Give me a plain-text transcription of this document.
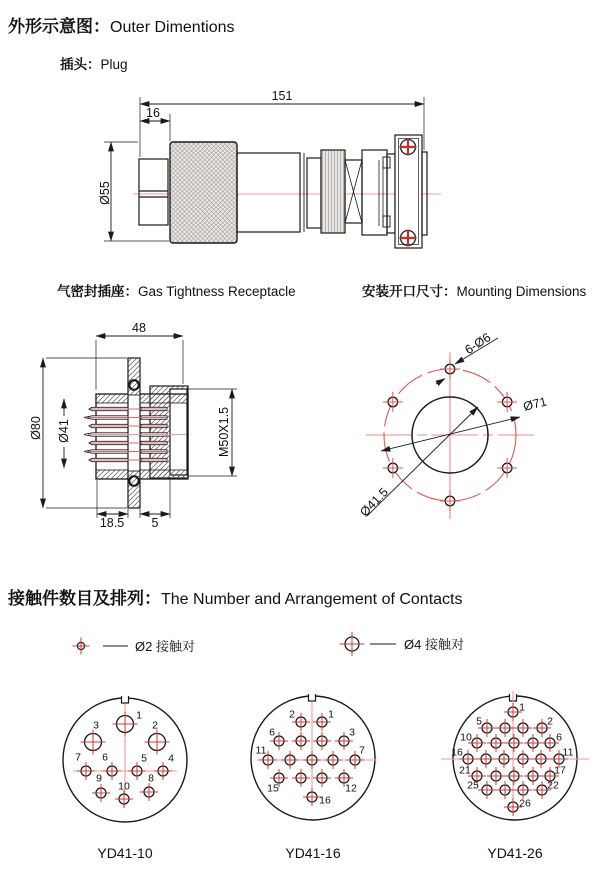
151
16
Ø55
48
Ø80 Ø41	M50X1.5
18.5 5
6-Ø6
Ø71
Ø41.5
Ø2 接触对	Ø4 接触对
1
2
3
4
5
6
7
8
9
10
1
2
3
6
7
11
12
15
16
1
2
5
6
10
11
16
17
21
22
25
26
YD41-10	YD41-16	YD41-26
外形示意图：Outer Dimentions
插头：Plug
气密封插座：Gas Tightness Receptacle	安装开口尺寸：Mounting Dimensions
接触件数目及排列：The Number and Arrangement of Contacts
